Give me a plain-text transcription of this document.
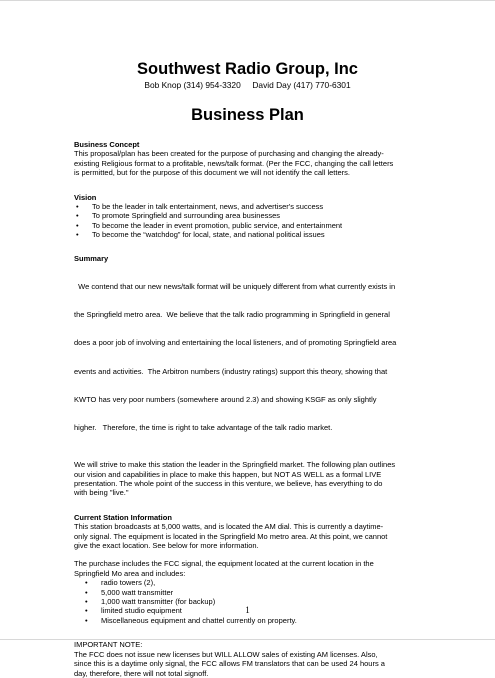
Southwest Radio Group, Inc
Bob Knop (314) 954-3320     David Day (417) 770-6301
Business Plan
Business Concept
This proposal/plan has been created for the purpose of purchasing and changing the already-
existing Religious format to a profitable, news/talk format. (Per the FCC, changing the call letters
is permitted, but for the purpose of this document we will not identify the call letters.
Vision
• To be the leader in talk entertainment, news, and advertiser's success
• To promote Springfield and surrounding area businesses
• To become the leader in event promotion, public service, and entertainment
• To become the “watchdog” for local, state, and national political issues
Summary

We contend that our new news/talk format will be uniquely different from what currently exists in

the Springfield metro area.  We believe that the talk radio programming in Springfield in general

does a poor job of involving and entertaining the local listeners, and of promoting Springfield area

events and activities.  The Arbitron numbers (industry ratings) support this theory, showing that

KWTO has very poor numbers (somewhere around 2.3) and showing KSGF as only slightly

higher.   Therefore, the time is right to take advantage of the talk radio market.

We will strive to make this station the leader in the Springfield market. The following plan outlines
our vision and capabilities in place to make this happen, but NOT AS WELL as a formal LIVE
presentation. The whole point of the success in this venture, we believe, has everything to do
with being "live."
Current Station Information
This station broadcasts at 5,000 watts, and is located the AM dial. This is currently a daytime-
only signal. The equipment is located in the Springfield Mo metro area. At this point, we cannot
give the exact location. See below for more information.
The purchase includes the FCC signal, the equipment located at the current location in the
Springfield Mo area and includes:
• radio towers (2),
• 5,000 watt transmitter
• 1,000 watt transmitter (for backup)
• limited studio equipment
• Miscellaneous equipment and chattel currently on property.
IMPORTANT NOTE:
The FCC does not issue new licenses but WILL ALLOW sales of existing AM licenses. Also,
since this is a daytime only signal, the FCC allows FM translators that can be used 24 hours a
day, therefore, there will not total signoff.
1
